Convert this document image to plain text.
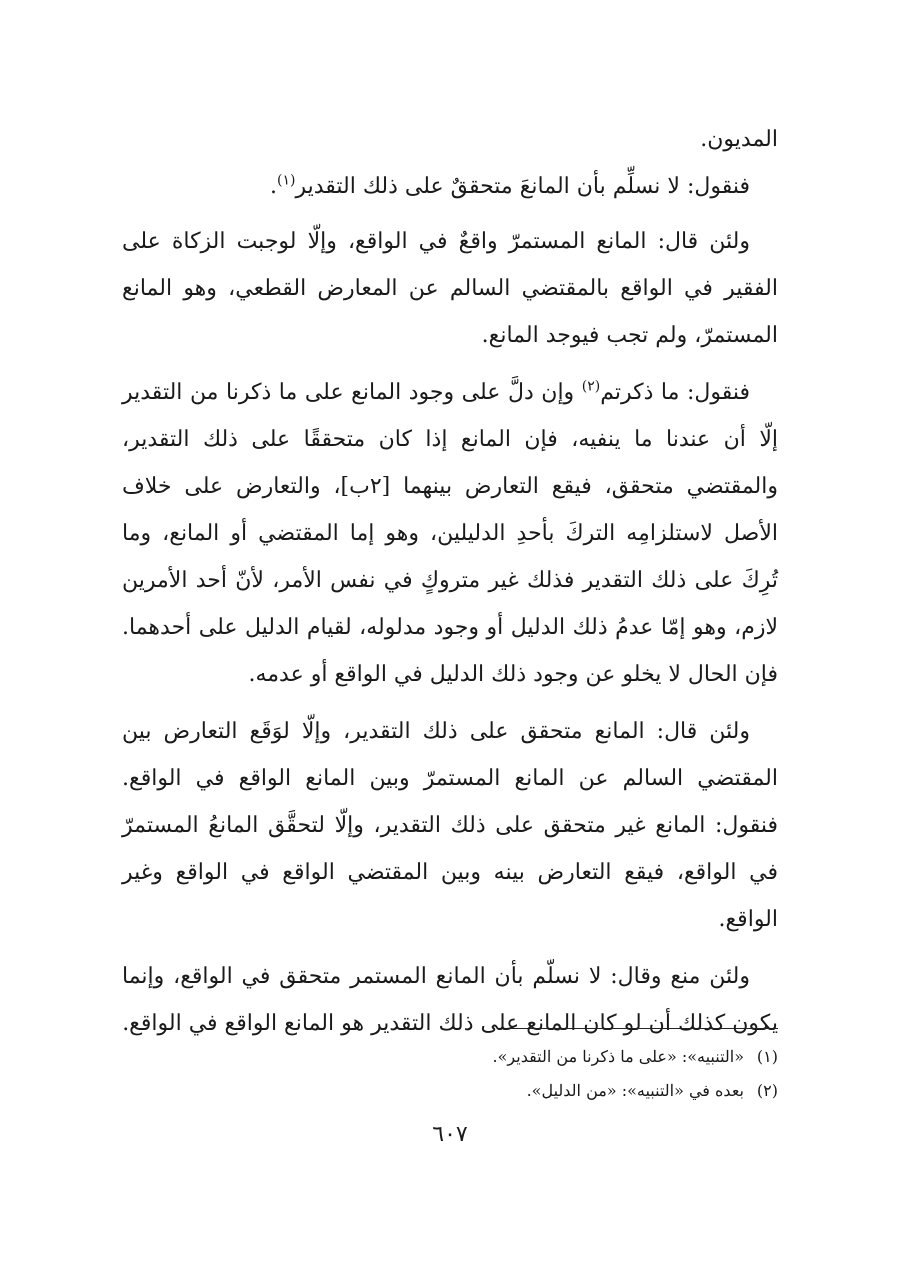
المديون.

فنقول: لا نسلِّم بأن المانعَ متحققٌ على ذلك التقدير$^{(١)}$.

ولئن قال: المانع المستمرّ واقعٌ في الواقع، وإلّا لوجبت الزكاة على الفقير في الواقع بالمقتضي السالم عن المعارض القطعي، وهو المانع المستمرّ، ولم تجب فيوجد المانع.

فنقول: ما ذكرتم$^{(٢)}$ وإن دلَّ على وجود المانع على ما ذكرنا من التقدير إلّا أن عندنا ما ينفيه، فإن المانع إذا كان متحققًا على ذلك التقدير، والمقتضي متحقق، فيقع التعارض بينهما [٢ب]، والتعارض على خلاف الأصل لاستلزامِه التركَ بأحدِ الدليلين، وهو إما المقتضي أو المانع، وما تُرِكَ على ذلك التقدير فذلك غير متروكٍ في نفس الأمر، لأنّ أحد الأمرين لازم، وهو إمّا عدمُ ذلك الدليل أو وجود مدلوله، لقيام الدليل على أحدهما. فإن الحال لا يخلو عن وجود ذلك الدليل في الواقع أو عدمه.

ولئن قال: المانع متحقق على ذلك التقدير، وإلّا لوَقَع التعارض بين المقتضي السالم عن المانع المستمرّ وبين المانع الواقع في الواقع. فنقول: المانع غير متحقق على ذلك التقدير، وإلّا لتحقَّق المانعُ المستمرّ في الواقع، فيقع التعارض بينه وبين المقتضي الواقع في الواقع وغير الواقع.

ولئن منع وقال: لا نسلّم بأن المانع المستمر متحقق في الواقع، وإنما يكون كذلك أن لو كان المانع على ذلك التقدير هو المانع الواقع في الواقع.

(١)«التنبيه»: «على ما ذكرنا من التقدير».

(٢)بعده في «التنبيه»: «من الدليل».

٦٠٧
